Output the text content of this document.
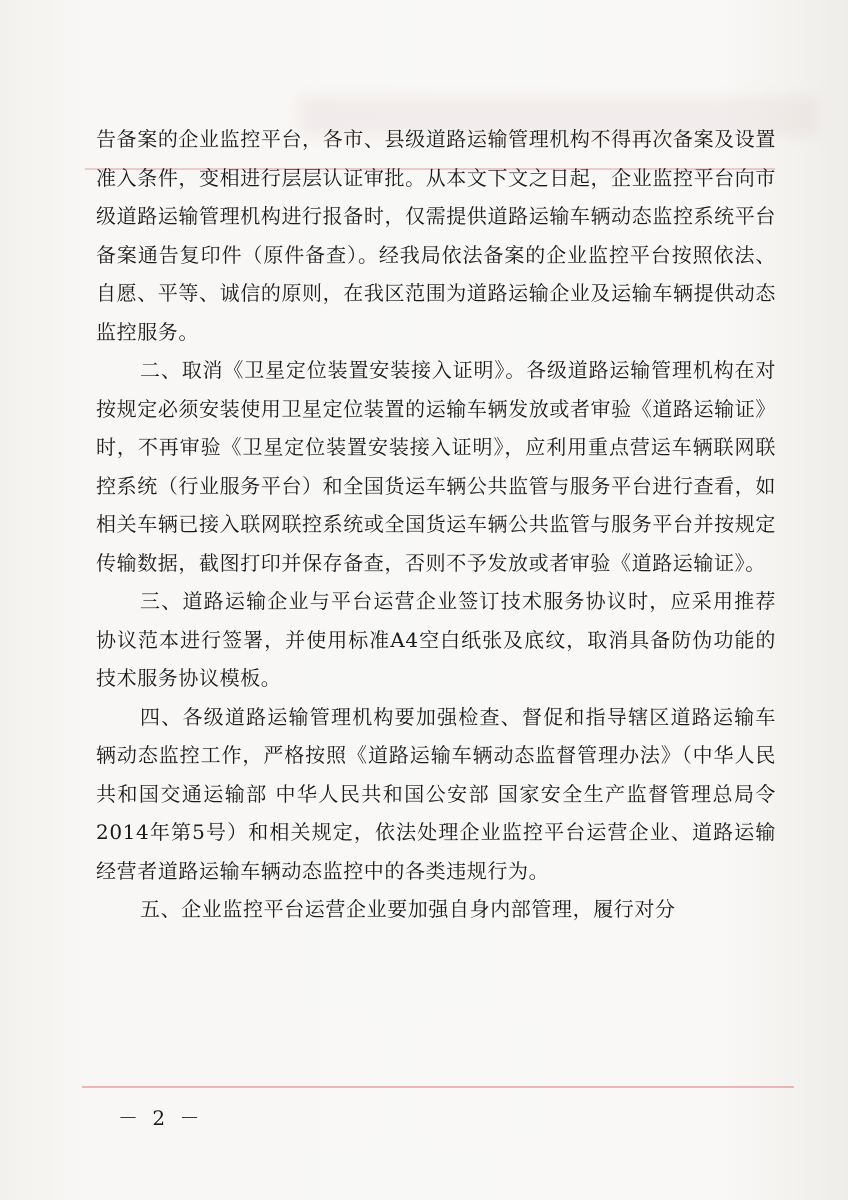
告备案的企业监控平台，各市、县级道路运输管理机构不得再次备案及设置准入条件，变相进行层层认证审批。从本文下文之日起，企业监控平台向市级道路运输管理机构进行报备时，仅需提供道路运输车辆动态监控系统平台备案通告复印件（原件备查）。经我局依法备案的企业监控平台按照依法、自愿、平等、诚信的原则，在我区范围为道路运输企业及运输车辆提供动态监控服务。

二、取消《卫星定位装置安装接入证明》。各级道路运输管理机构在对按规定必须安装使用卫星定位装置的运输车辆发放或者审验《道路运输证》时，不再审验《卫星定位装置安装接入证明》，应利用重点营运车辆联网联控系统（行业服务平台）和全国货运车辆公共监管与服务平台进行查看，如相关车辆已接入联网联控系统或全国货运车辆公共监管与服务平台并按规定传输数据，截图打印并保存备查，否则不予发放或者审验《道路运输证》。

三、道路运输企业与平台运营企业签订技术服务协议时，应采用推荐协议范本进行签署，并使用标准A4空白纸张及底纹，取消具备防伪功能的技术服务协议模板。

四、各级道路运输管理机构要加强检查、督促和指导辖区道路运输车辆动态监控工作，严格按照《道路运输车辆动态监督管理办法》（中华人民共和国交通运输部 中华人民共和国公安部 国家安全生产监督管理总局令2014年第5号）和相关规定，依法处理企业监控平台运营企业、道路运输经营者道路运输车辆动态监控中的各类违规行为。

五、企业监控平台运营企业要加强自身内部管理，履行对分

－ 2 －
